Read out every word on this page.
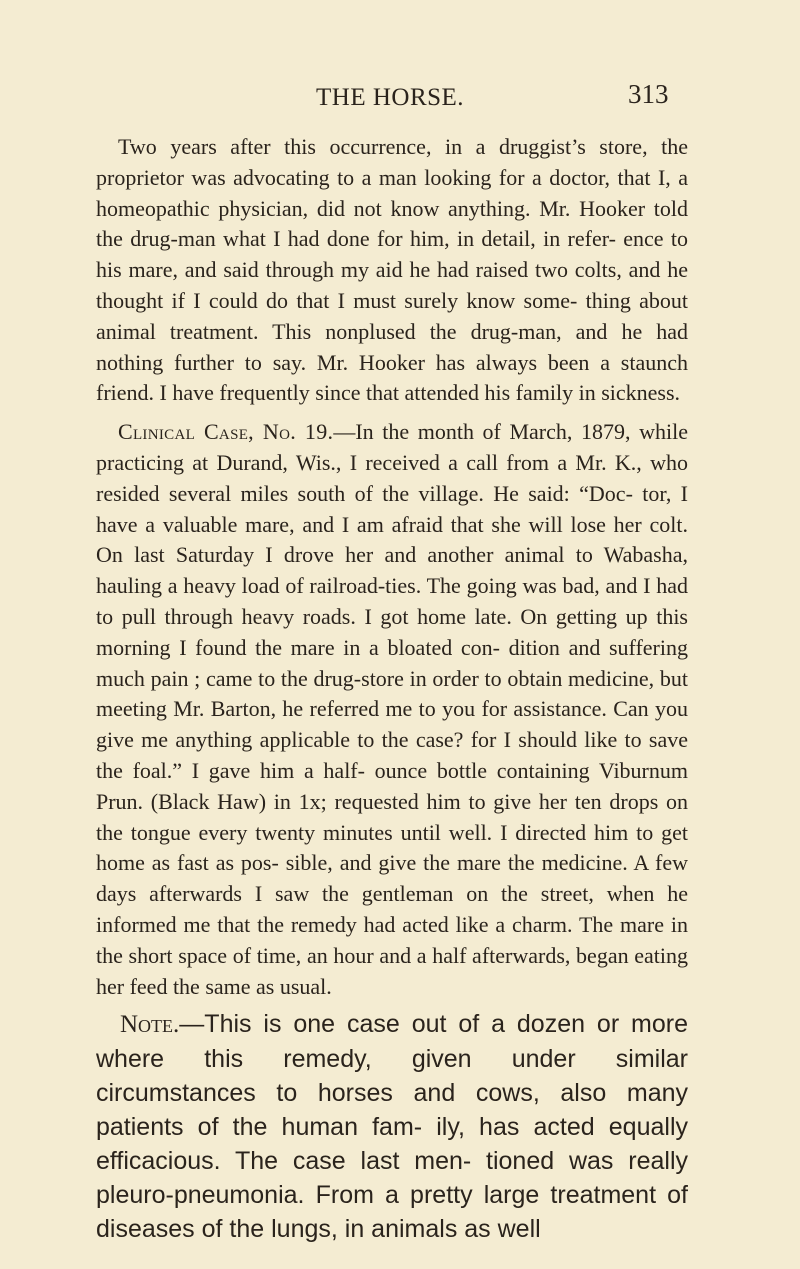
THE HORSE.	313

Two years after this occurrence, in a druggist’s store, the proprietor was advocating to a man looking for a doctor, that I, a homeopathic physician, did not know anything. Mr. Hooker told the drug-man what I had done for him, in detail, in refer- ence to his mare, and said through my aid he had raised two colts, and he thought if I could do that I must surely know some- thing about animal treatment. This nonplused the drug-man, and he had nothing further to say. Mr. Hooker has always been a staunch friend. I have frequently since that attended his family in sickness.

Clinical Case, No. 19.—In the month of March, 1879, while practicing at Durand, Wis., I received a call from a Mr. K., who resided several miles south of the village. He said: “Doc- tor, I have a valuable mare, and I am afraid that she will lose her colt. On last Saturday I drove her and another animal to Wabasha, hauling a heavy load of railroad-ties. The going was bad, and I had to pull through heavy roads. I got home late. On getting up this morning I found the mare in a bloated con- dition and suffering much pain ; came to the drug-store in order to obtain medicine, but meeting Mr. Barton, he referred me to you for assistance. Can you give me anything applicable to the case? for I should like to save the foal.” I gave him a half- ounce bottle containing Viburnum Prun. (Black Haw) in 1x; requested him to give her ten drops on the tongue every twenty minutes until well. I directed him to get home as fast as pos- sible, and give the mare the medicine. A few days afterwards I saw the gentleman on the street, when he informed me that the remedy had acted like a charm. The mare in the short space of time, an hour and a half afterwards, began eating her feed the same as usual.

Note.—This is one case out of a dozen or more where this remedy, given under similar circumstances to horses and cows, also many patients of the human fam- ily, has acted equally efficacious. The case last men- tioned was really pleuro-pneumonia. From a pretty large treatment of diseases of the lungs, in animals as well
